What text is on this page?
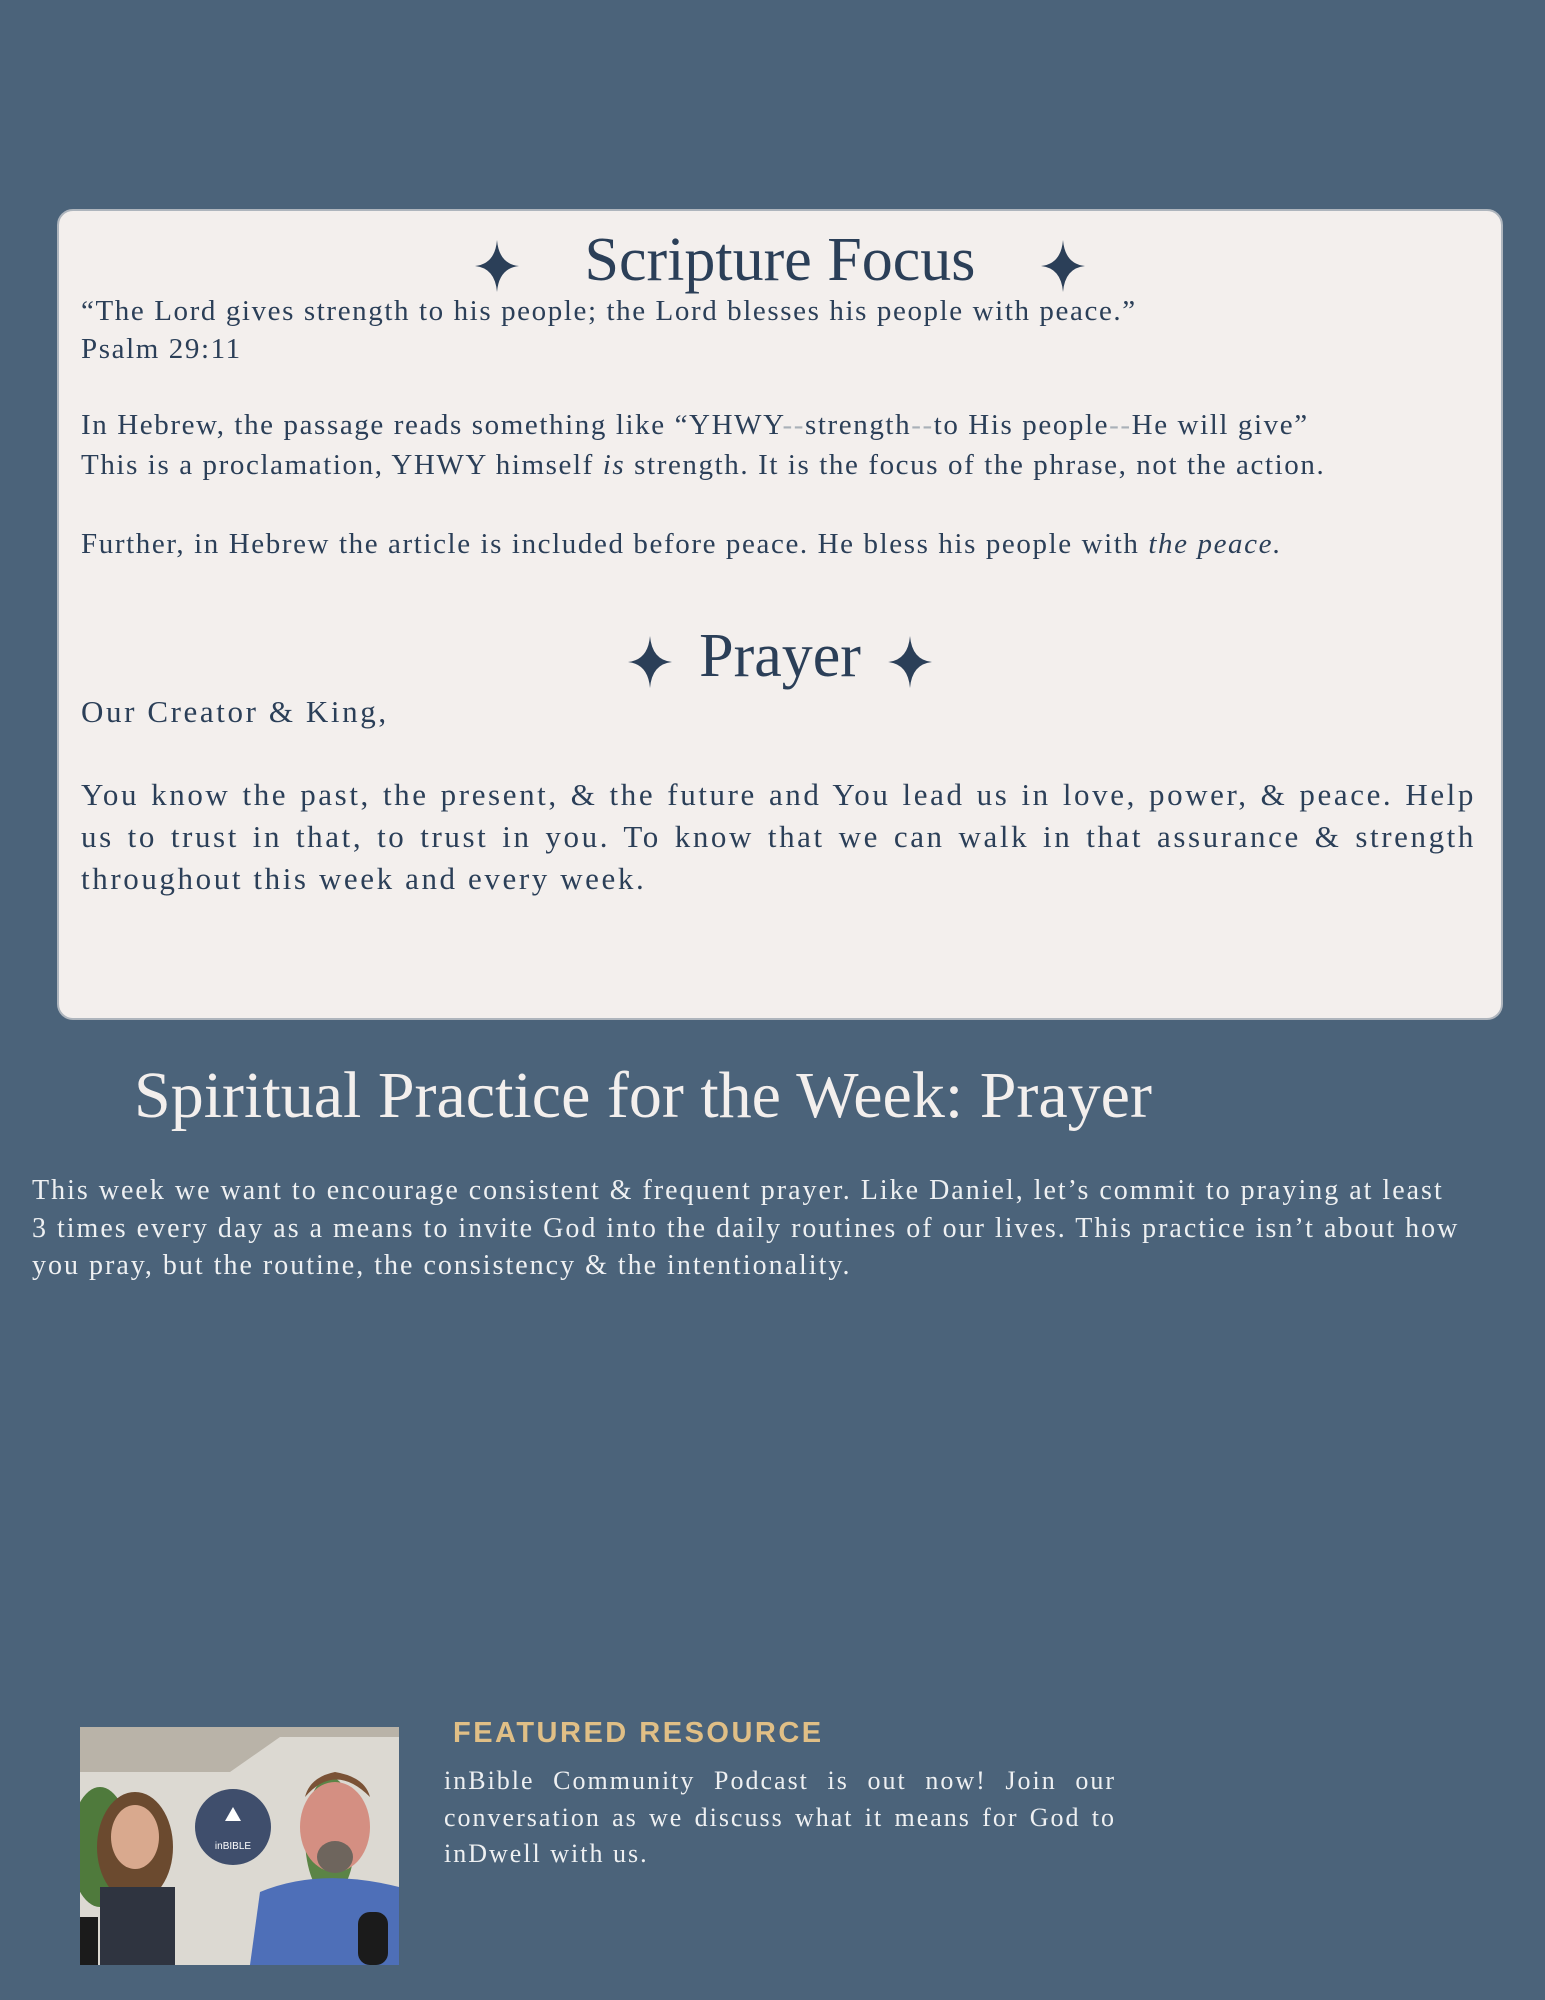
Scripture Focus
“The Lord gives strength to his people; the Lord blesses his people with peace.”
Psalm 29:11
In Hebrew, the passage reads something like “YHWY--strength--to His people--He will give”
This is a proclamation, YHWY himself is strength. It is the focus of the phrase, not the action.
Further, in Hebrew the article is included before peace. He bless his people with the peace.
Prayer
Our Creator & King,
You know the past, the present, & the future and You lead us in love, power, & peace. Help us to trust in that, to trust in you. To know that we can walk in that assurance & strength throughout this week and every week.
Spiritual Practice for the Week: Prayer
This week we want to encourage consistent & frequent prayer. Like Daniel, let’s commit to praying at least 3 times every day as a means to invite God into the daily routines of our lives. This practice isn’t about how you pray, but the routine, the consistency & the intentionality.
inBIBLE
FEATURED RESOURCE
inBible Community Podcast is out now! Join our conversation as we discuss what it means for God to inDwell with us.
